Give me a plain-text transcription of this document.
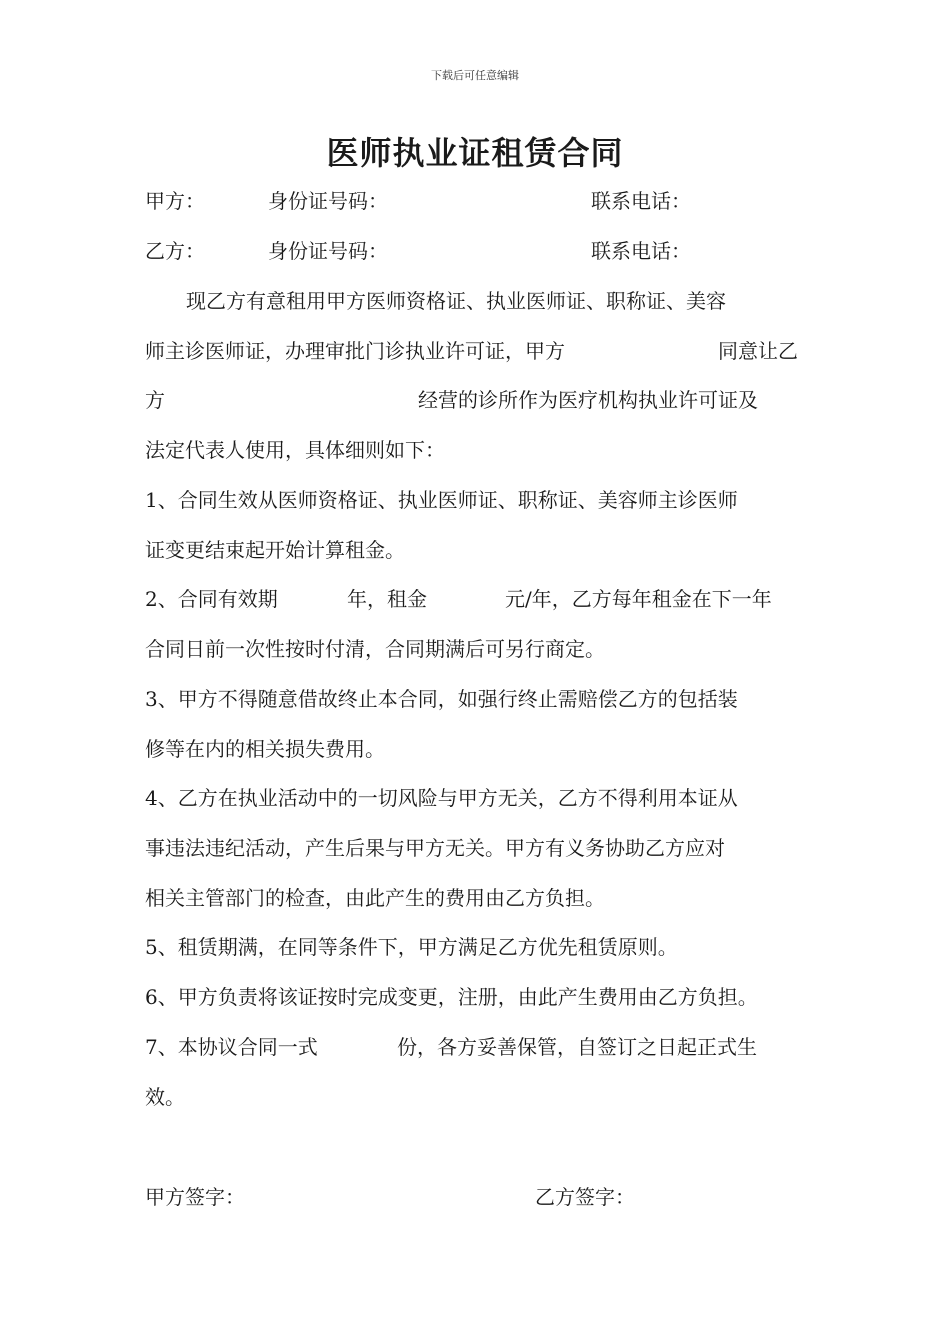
下载后可任意编辑
医师执业证租赁合同
甲方：	身份证号码：	联系电话：
乙方：	身份证号码：	联系电话：
现乙方有意租用甲方医师资格证、执业医师证、职称证、美容
师主诊医师证，办理审批门诊执业许可证，甲方	同意让乙
方	经营的诊所作为医疗机构执业许可证及
法定代表人使用，具体细则如下：
1、合同生效从医师资格证、执业医师证、职称证、美容师主诊医师
证变更结束起开始计算租金。
2、合同有效期	年，租金	元/年，乙方每年租金在下一年
合同日前一次性按时付清，合同期满后可另行商定。
3、甲方不得随意借故终止本合同，如强行终止需赔偿乙方的包括装
修等在内的相关损失费用。
4、乙方在执业活动中的一切风险与甲方无关，乙方不得利用本证从
事违法违纪活动，产生后果与甲方无关。甲方有义务协助乙方应对
相关主管部门的检查，由此产生的费用由乙方负担。
5、租赁期满，在同等条件下，甲方满足乙方优先租赁原则。
6、甲方负责将该证按时完成变更，注册，由此产生费用由乙方负担。
7、本协议合同一式	份，各方妥善保管，自签订之日起正式生
效。
甲方签字：	乙方签字：
